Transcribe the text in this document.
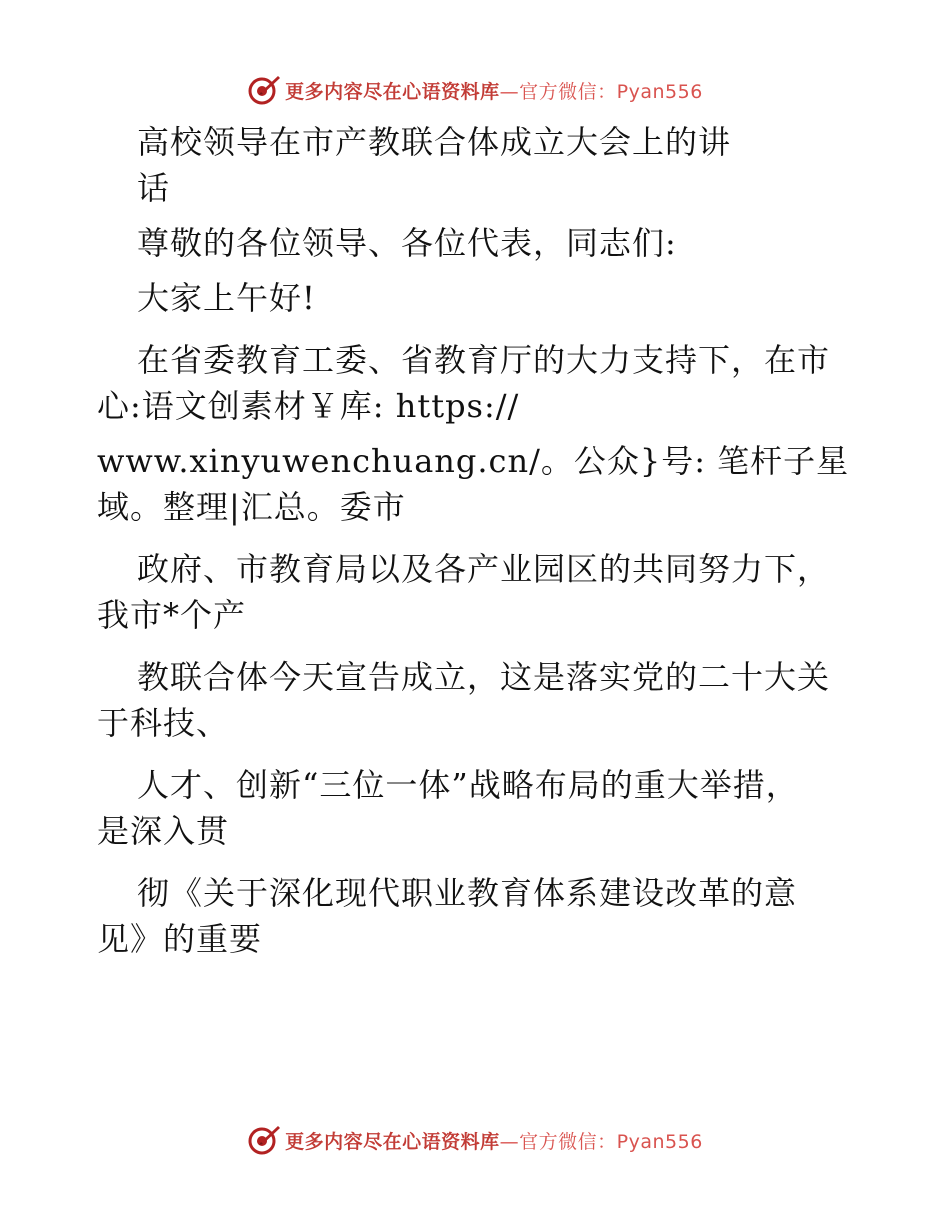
更多内容尽在心语资料库—官方微信：Pyan556

高校领导在市产教联合体成立大会上的讲

话

尊敬的各位领导、各位代表，同志们:

大家上午好!

在省委教育工委、省教育厅的大力支持下，在市

心:语文创素材￥库: https://

www.xinyuwenchuang.cn/。公众}号: 笔杆子星

域。整理|汇总。委市

政府、市教育局以及各产业园区的共同努力下，

我市*个产

教联合体今天宣告成立，这是落实党的二十大关

于科技、

人才、创新“三位一体”战略布局的重大举措，

是深入贯

彻《关于深化现代职业教育体系建设改革的意

见》的重要

更多内容尽在心语资料库—官方微信：Pyan556
